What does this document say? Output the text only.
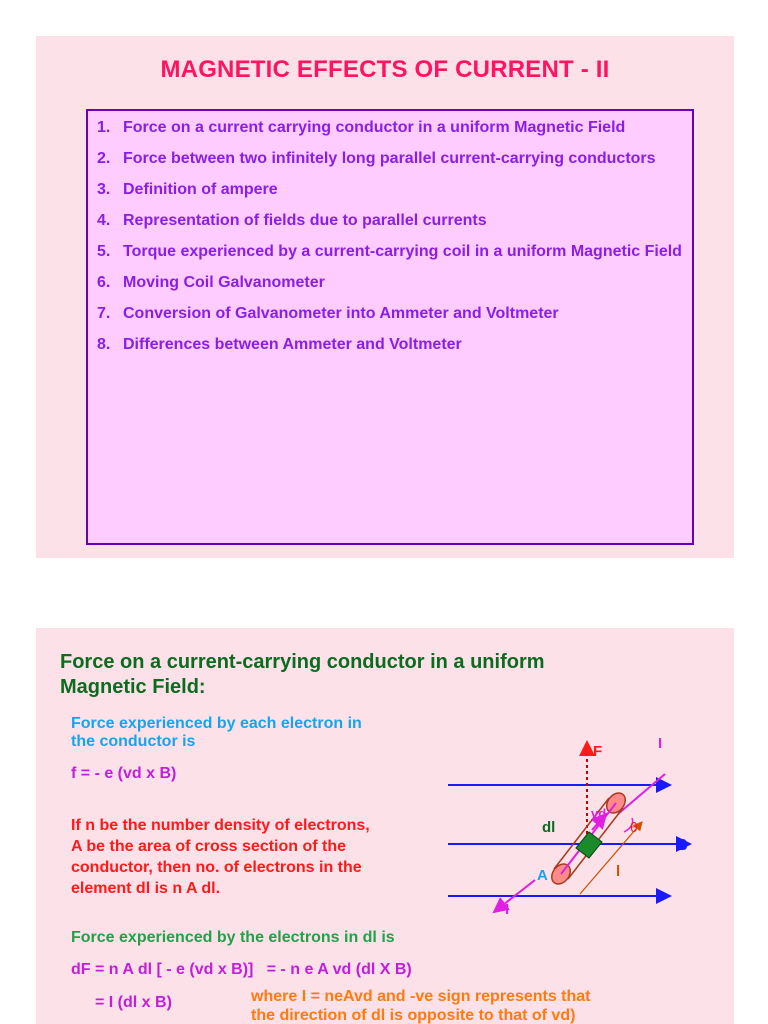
MAGNETIC EFFECTS OF CURRENT - II
1. Force on a current carrying conductor in a uniform Magnetic Field
2. Force between two infinitely long parallel current-carrying conductors
3. Definition of ampere
4. Representation of fields due to parallel currents
5. Torque experienced by a current-carrying coil in a uniform Magnetic Field
6. Moving Coil Galvanometer
7. Conversion of Galvanometer into Ammeter and Voltmeter
8. Differences between Ammeter and Voltmeter
Force on a current-carrying conductor in a uniform Magnetic Field:
Force experienced by each electron in
the conductor is
f = - e (vd x B)
If n be the number density of electrons,
A be the area of cross section of the
conductor, then no. of electrons in the
element dl is n A dl.
Force experienced by the electrons in dl is
dF = n A dl [ - e (vd x B)]   = - n e A vd (dl X B)
= I (dl x B)	where I = neAvd and -ve sign represents that
the direction of dl is opposite to that of vd)
F	I
dl
vd
θ
B
A	l
I
